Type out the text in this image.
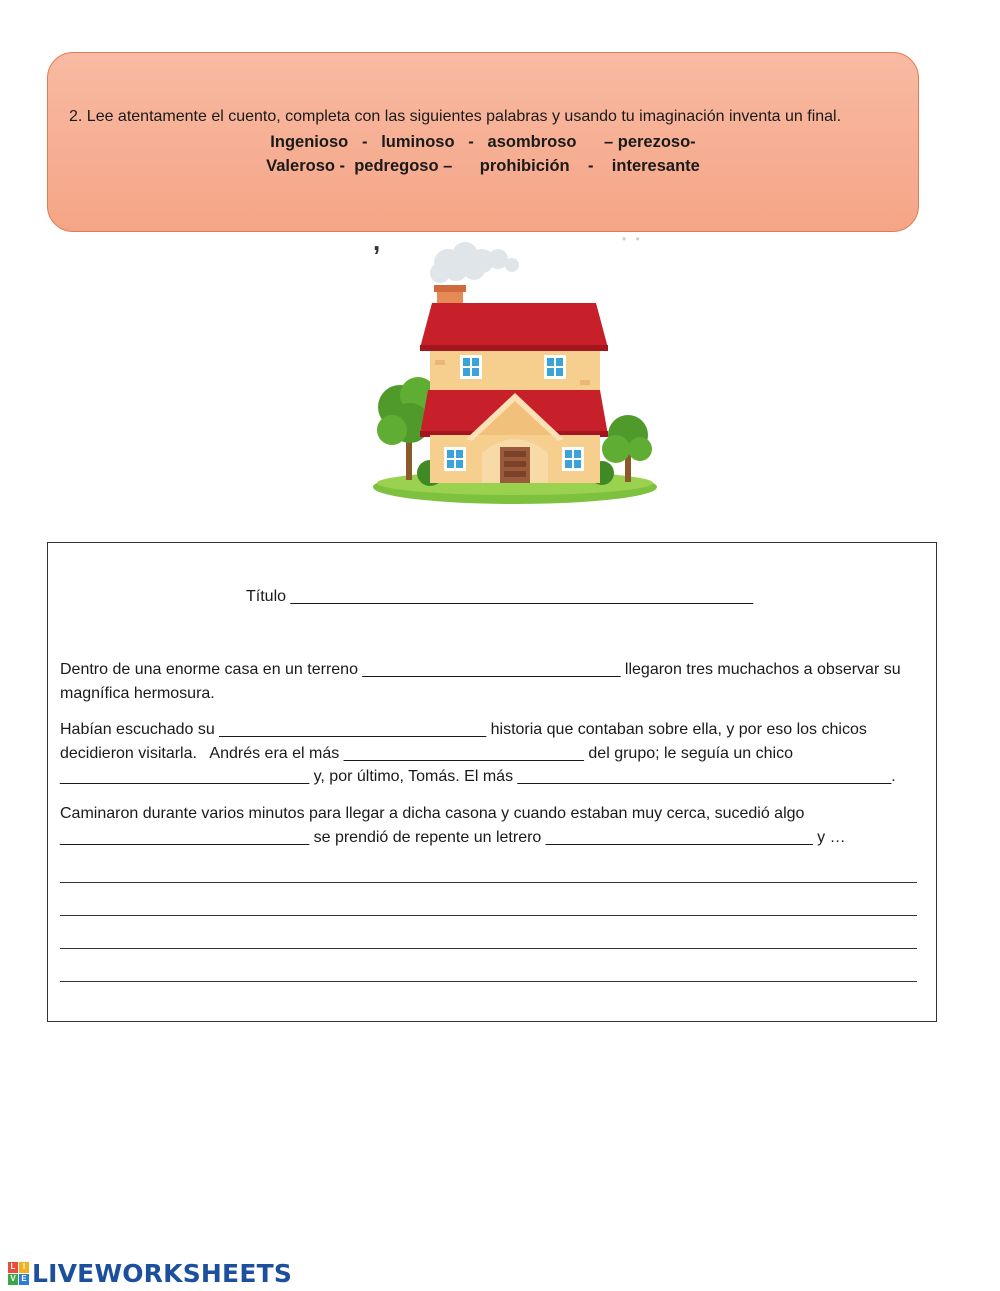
2. Lee atentamente el cuento, completa con las siguientes palabras y usando tu imaginación inventa un final.
Ingenioso   -   luminoso   -   asombroso      – perezoso-
Valeroso -  pedregoso –      prohibición    -    interesante
,	• •
Título ____________________________________________________

Dentro de una enorme casa en un terreno _____________________________ llegaron tres muchachos a observar su
magnífica hermosura.

Habían escuchado su ______________________________ historia que contaban sobre ella, y por eso los chicos
decidieron visitarla.   Andrés era el más ___________________________ del grupo; le seguía un chico
____________________________ y, por último, Tomás. El más __________________________________________.

Caminaron durante varios minutos para llegar a dicha casona y cuando estaban muy cerca, sucedió algo
____________________________ se prendió de repente un letrero ______________________________ y …

L I
V E LIVEWORKSHEETS
